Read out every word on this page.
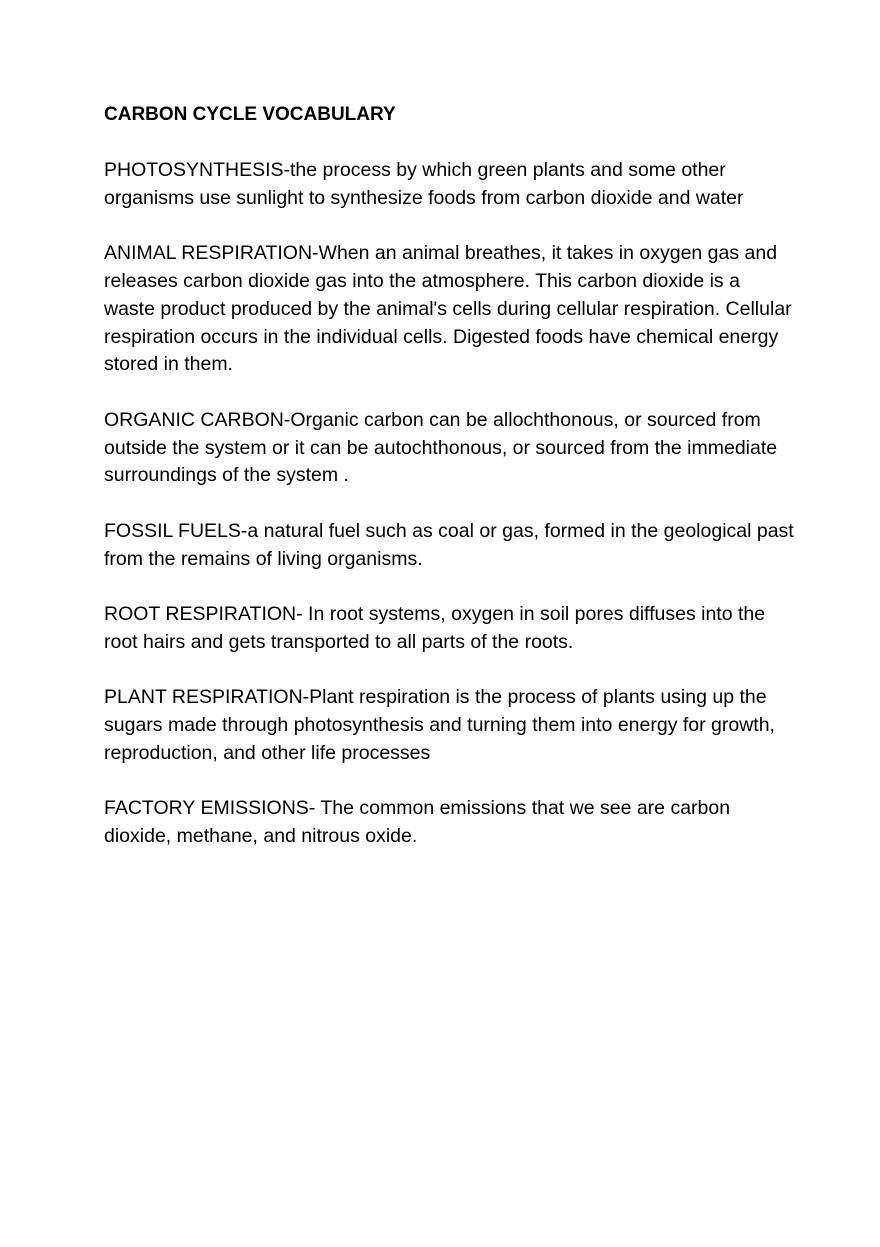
CARBON CYCLE VOCABULARY

PHOTOSYNTHESIS-the process by which green plants and some other organisms use sunlight to synthesize foods from carbon dioxide and water

ANIMAL RESPIRATION-When an animal breathes, it takes in oxygen gas and releases carbon dioxide gas into the atmosphere. This carbon dioxide is a waste product produced by the animal's cells during cellular respiration. Cellular respiration occurs in the individual cells. Digested foods have chemical energy stored in them.

ORGANIC CARBON-Organic carbon can be allochthonous, or sourced from outside the system or it can be autochthonous, or sourced from the immediate surroundings of the system .

FOSSIL FUELS-a natural fuel such as coal or gas, formed in the geological past from the remains of living organisms.

ROOT RESPIRATION- In root systems, oxygen in soil pores diffuses into the root hairs and gets transported to all parts of the roots.

PLANT RESPIRATION-Plant respiration is the process of plants using up the sugars made through photosynthesis and turning them into energy for growth, reproduction, and other life processes

FACTORY EMISSIONS- The common emissions that we see are carbon dioxide, methane, and nitrous oxide.
